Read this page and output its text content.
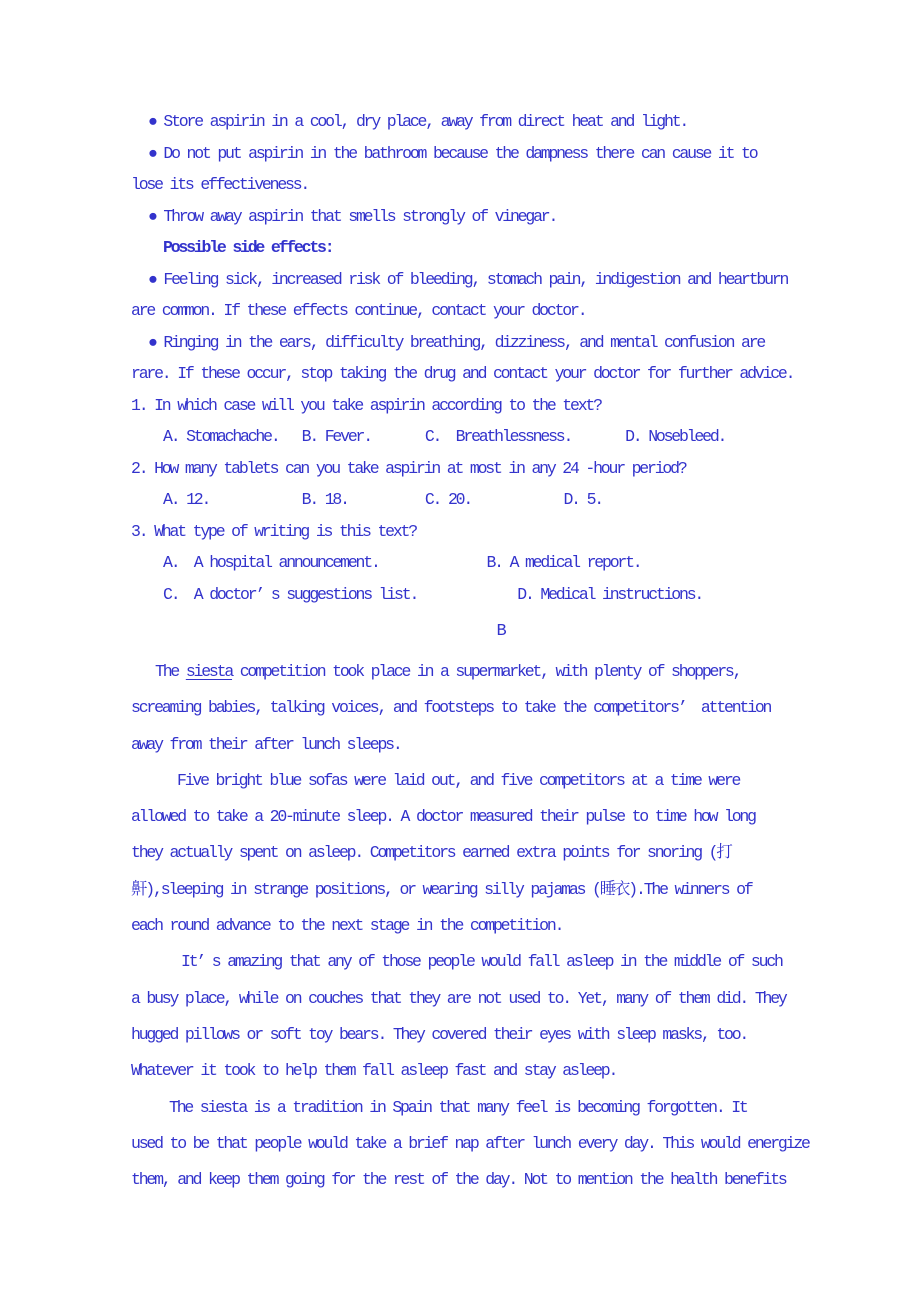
● Store aspirin in a cool, dry place, away from direct heat and light.
● Do not put aspirin in the bathroom because the dampness there can cause it to
lose its effectiveness.
● Throw away aspirin that smells strongly of vinegar.
Possible side effects:
● Feeling sick, increased risk of bleeding, stomach pain, indigestion and heartburn
are common. If these effects continue, contact your doctor.
● Ringing in the ears, difficulty breathing, dizziness, and mental confusion are
rare. If these occur, stop taking the drug and contact your doctor for further advice.
1. In which case will you take aspirin according to the text?
A. Stomachache.   B. Fever.       C.  Breathlessness.       D. Nosebleed.
2. How many tablets can you take aspirin at most in any 24 -hour period?
A. 12.            B. 18.          C. 20.            D. 5.
3. What type of writing is this text?
A.  A hospital announcement.              B. A medical report.
C.  A doctor’ s suggestions list.             D. Medical instructions.
B
The siesta competition took place in a supermarket, with plenty of shoppers,
screaming babies, talking voices, and footsteps to take the competitors’  attention
away from their after lunch sleeps.
Five bright blue sofas were laid out, and five competitors at a time were
allowed to take a 20-minute sleep. A doctor measured their pulse to time how long
they actually spent on asleep. Competitors earned extra points for snoring (打
鼾),sleeping in strange positions, or wearing silly pajamas (睡衣).The winners of
each round advance to the next stage in the competition.
It’ s amazing that any of those people would fall asleep in the middle of such
a busy place, while on couches that they are not used to. Yet, many of them did. They
hugged pillows or soft toy bears. They covered their eyes with sleep masks, too.
Whatever it took to help them fall asleep fast and stay asleep.
The siesta is a tradition in Spain that many feel is becoming forgotten. It
used to be that people would take a brief nap after lunch every day. This would energize
them, and keep them going for the rest of the day. Not to mention the health benefits
